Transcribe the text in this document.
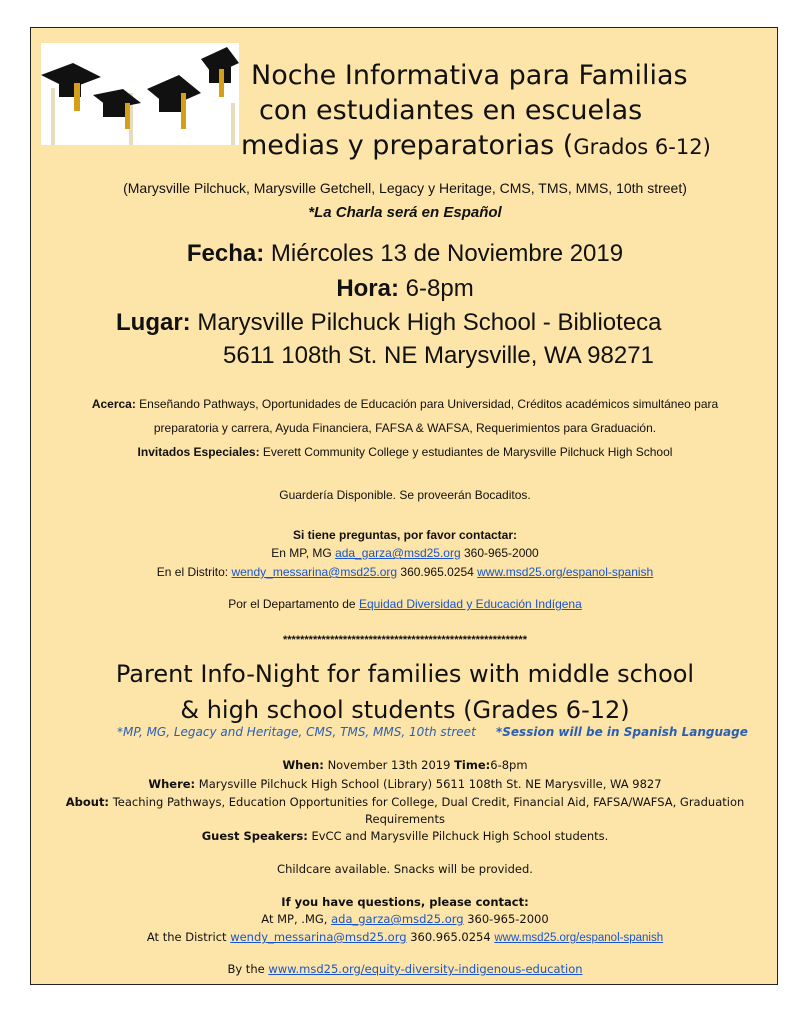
Noche Informativa para Familias
con estudiantes en escuelas
medias y preparatorias (Grados 6-12)
(Marysville Pilchuck, Marysville Getchell, Legacy y Heritage, CMS, TMS, MMS, 10th street)
*La Charla será en Español
Fecha: Miércoles 13 de Noviembre 2019
Hora: 6-8pm
Lugar: Marysville Pilchuck High School - Biblioteca
5611 108th St. NE Marysville, WA 98271
Acerca: Enseñando Pathways, Oportunidades de Educación para Universidad, Créditos académicos simultáneo para
preparatoria y carrera, Ayuda Financiera, FAFSA & WAFSA, Requerimientos para Graduación.
Invitados Especiales: Everett Community College y estudiantes de Marysville Pilchuck High School
Guardería Disponible. Se proveerán Bocaditos.
Si tiene preguntas, por favor contactar:
En MP, MG ada_garza@msd25.org 360-965-2000
En el Distrito: wendy_messarina@msd25.org 360.965.0254 www.msd25.org/espanol-spanish
Por el Departamento de Equidad Diversidad y Educación Indígena
*********************************************************
Parent Info-Night for families with middle school
& high school students (Grades 6-12)
*MP, MG, Legacy and Heritage, CMS, TMS, MMS, 10th street *Session will be in Spanish Language
When: November 13th 2019 Time:6-8pm
Where: Marysville Pilchuck High School (Library) 5611 108th St. NE Marysville, WA 9827
About: Teaching Pathways, Education Opportunities for College, Dual Credit, Financial Aid, FAFSA/WAFSA, Graduation
Requirements
Guest Speakers: EvCC and Marysville Pilchuck High School students.
Childcare available. Snacks will be provided.
If you have questions, please contact:
At MP, .MG, ada_garza@msd25.org 360-965-2000
At the District wendy_messarina@msd25.org 360.965.0254 www.msd25.org/espanol-spanish
By the www.msd25.org/equity-diversity-indigenous-education
